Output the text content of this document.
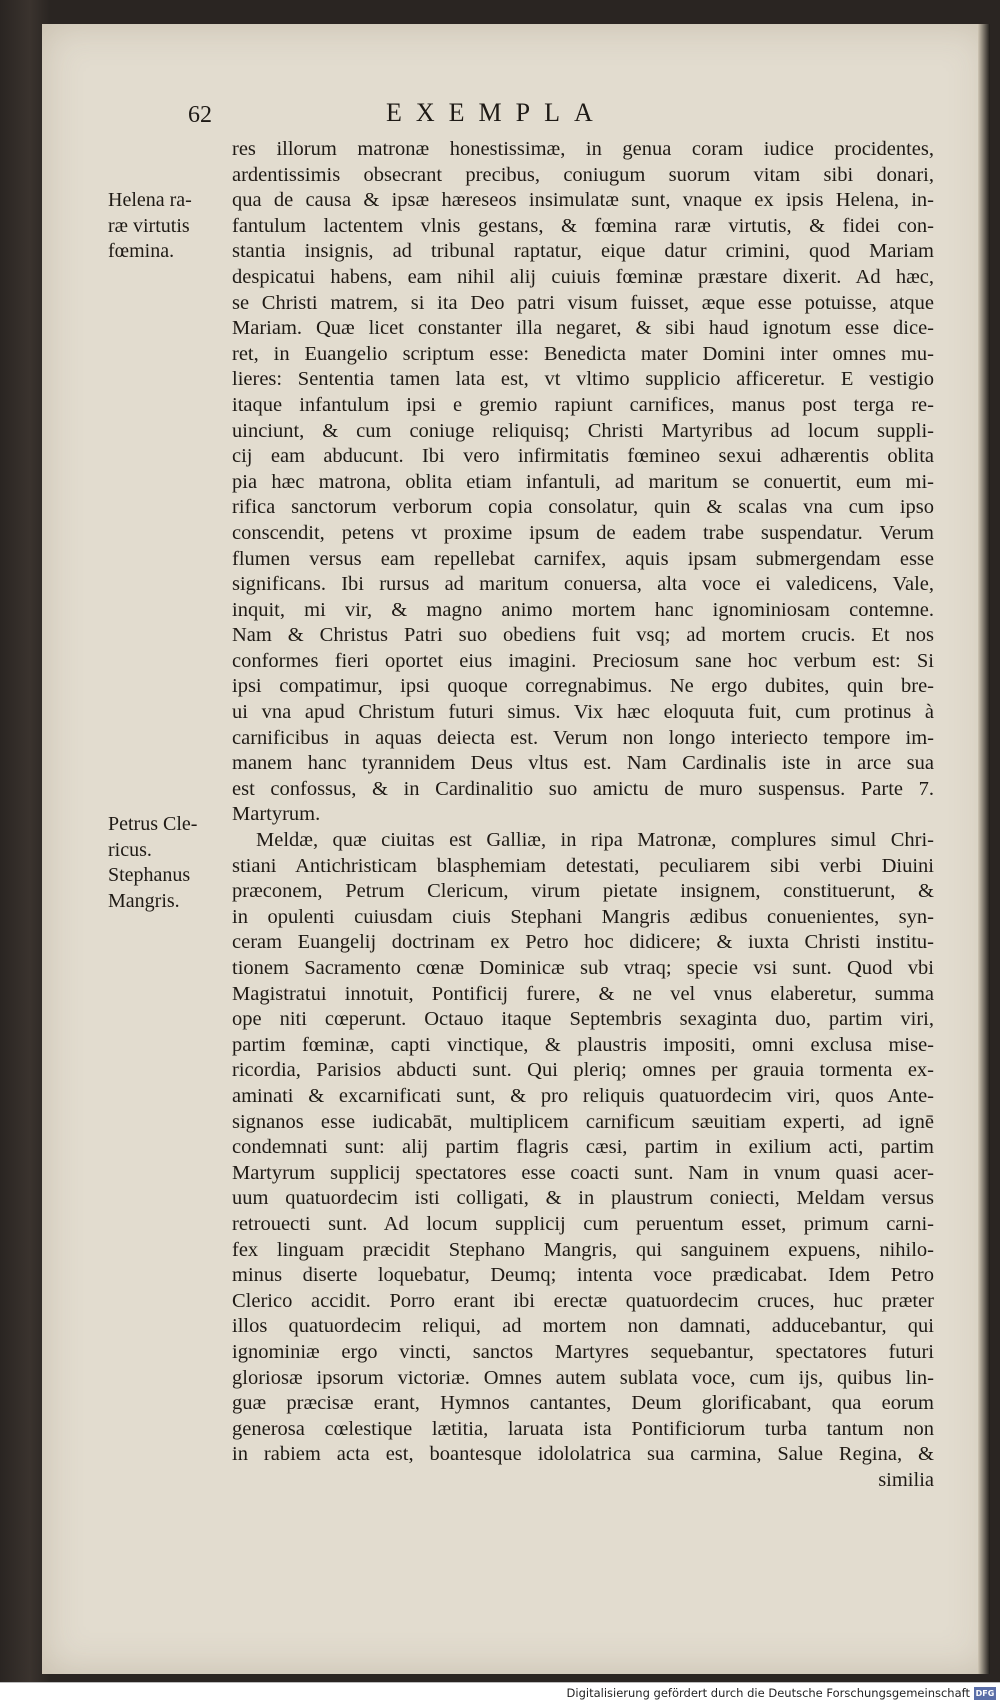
62	EXEMPLA
Helena ra-
ræ virtutis
fœmina.
Petrus Cle-
ricus.
Stephanus
Mangris.
res illorum matronæ honestissimæ, in genua coram iudice procidentes,
ardentissimis obsecrant precibus, coniugum suorum vitam sibi donari,
qua de causa & ipsæ hæreseos insimulatæ sunt, vnaque ex ipsis Helena, in-
fantulum lactentem vlnis gestans, & fœmina raræ virtutis, & fidei con-
stantia insignis, ad tribunal raptatur, eique datur crimini, quod Mariam
despicatui habens, eam nihil alij cuiuis fœminæ præstare dixerit. Ad hæc,
se Christi matrem, si ita Deo patri visum fuisset, æque esse potuisse, atque
Mariam. Quæ licet constanter illa negaret, & sibi haud ignotum esse dice-
ret, in Euangelio scriptum esse: Benedicta mater Domini inter omnes mu-
lieres: Sententia tamen lata est, vt vltimo supplicio afficeretur. E vestigio
itaque infantulum ipsi e gremio rapiunt carnifices, manus post terga re-
uinciunt, & cum coniuge reliquisq; Christi Martyribus ad locum suppli-
cij eam abducunt. Ibi vero infirmitatis fœmineo sexui adhærentis oblita
pia hæc matrona, oblita etiam infantuli, ad maritum se conuertit, eum mi-
rifica sanctorum verborum copia consolatur, quin & scalas vna cum ipso
conscendit, petens vt proxime ipsum de eadem trabe suspendatur. Verum
flumen versus eam repellebat carnifex, aquis ipsam submergendam esse
significans. Ibi rursus ad maritum conuersa, alta voce ei valedicens, Vale,
inquit, mi vir, & magno animo mortem hanc ignominiosam contemne.
Nam & Christus Patri suo obediens fuit vsq; ad mortem crucis. Et nos
conformes fieri oportet eius imagini. Preciosum sane hoc verbum est: Si
ipsi compatimur, ipsi quoque corregnabimus. Ne ergo dubites, quin bre-
ui vna apud Christum futuri simus. Vix hæc eloquuta fuit, cum protinus à
carnificibus in aquas deiecta est. Verum non longo interiecto tempore im-
manem hanc tyrannidem Deus vltus est. Nam Cardinalis iste in arce sua
est confossus, & in Cardinalitio suo amictu de muro suspensus. Parte 7.
Martyrum.
Meldæ, quæ ciuitas est Galliæ, in ripa Matronæ, complures simul Chri-
stiani Antichristicam blasphemiam detestati, peculiarem sibi verbi Diuini
præconem, Petrum Clericum, virum pietate insignem, constituerunt, &
in opulenti cuiusdam ciuis Stephani Mangris ædibus conuenientes, syn-
ceram Euangelij doctrinam ex Petro hoc didicere; & iuxta Christi institu-
tionem Sacramento cœnæ Dominicæ sub vtraq; specie vsi sunt. Quod vbi
Magistratui innotuit, Pontificij furere, & ne vel vnus elaberetur, summa
ope niti cœperunt. Octauo itaque Septembris sexaginta duo, partim viri,
partim fœminæ, capti vinctique, & plaustris impositi, omni exclusa mise-
ricordia, Parisios abducti sunt. Qui pleriq; omnes per grauia tormenta ex-
aminati & excarnificati sunt, & pro reliquis quatuordecim viri, quos Ante-
signanos esse iudicabāt, multiplicem carnificum sæuitiam experti, ad ignē
condemnati sunt: alij partim flagris cæsi, partim in exilium acti, partim
Martyrum supplicij spectatores esse coacti sunt. Nam in vnum quasi acer-
uum quatuordecim isti colligati, & in plaustrum coniecti, Meldam versus
retrouecti sunt. Ad locum supplicij cum peruentum esset, primum carni-
fex linguam præcidit Stephano Mangris, qui sanguinem expuens, nihilo-
minus diserte loquebatur, Deumq; intenta voce prædicabat. Idem Petro
Clerico accidit. Porro erant ibi erectæ quatuordecim cruces, huc præter
illos quatuordecim reliqui, ad mortem non damnati, adducebantur, qui
ignominiæ ergo vincti, sanctos Martyres sequebantur, spectatores futuri
gloriosæ ipsorum victoriæ. Omnes autem sublata voce, cum ijs, quibus lin-
guæ præcisæ erant, Hymnos cantantes, Deum glorificabant, qua eorum
generosa cœlestique lætitia, laruata ista Pontificiorum turba tantum non
in rabiem acta est, boantesque idololatrica sua carmina, Salue Regina, &
similia
Digitalisierung gefördert durch die Deutsche Forschungsgemeinschaft DFG
